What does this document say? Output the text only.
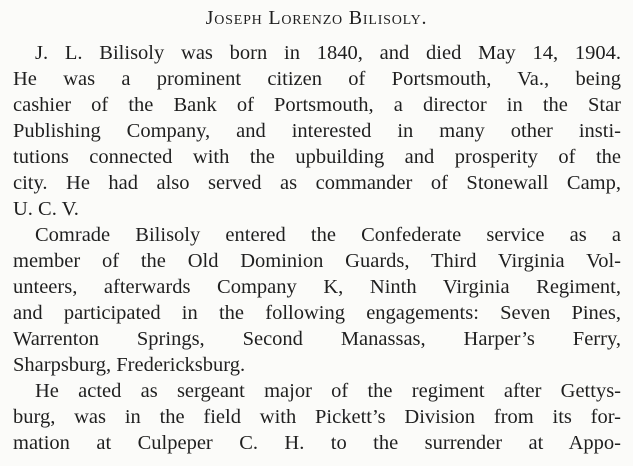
Joseph Lorenzo Bilisoly.
J. L. Bilisoly was born in 1840, and died May 14, 1904.
He was a prominent citizen of Portsmouth, Va., being
cashier of the Bank of Portsmouth, a director in the Star
Publishing Company, and interested in many other insti-
tutions connected with the upbuilding and prosperity of the
city. He had also served as commander of Stonewall Camp,
U. C. V.
Comrade Bilisoly entered the Confederate service as a
member of the Old Dominion Guards, Third Virginia Vol-
unteers, afterwards Company K, Ninth Virginia Regiment,
and participated in the following engagements: Seven Pines,
Warrenton Springs, Second Manassas, Harper’s Ferry,
Sharpsburg, Fredericksburg.
He acted as sergeant major of the regiment after Gettys-
burg, was in the field with Pickett’s Division from its for-
mation at Culpeper C. H. to the surrender at Appo-
